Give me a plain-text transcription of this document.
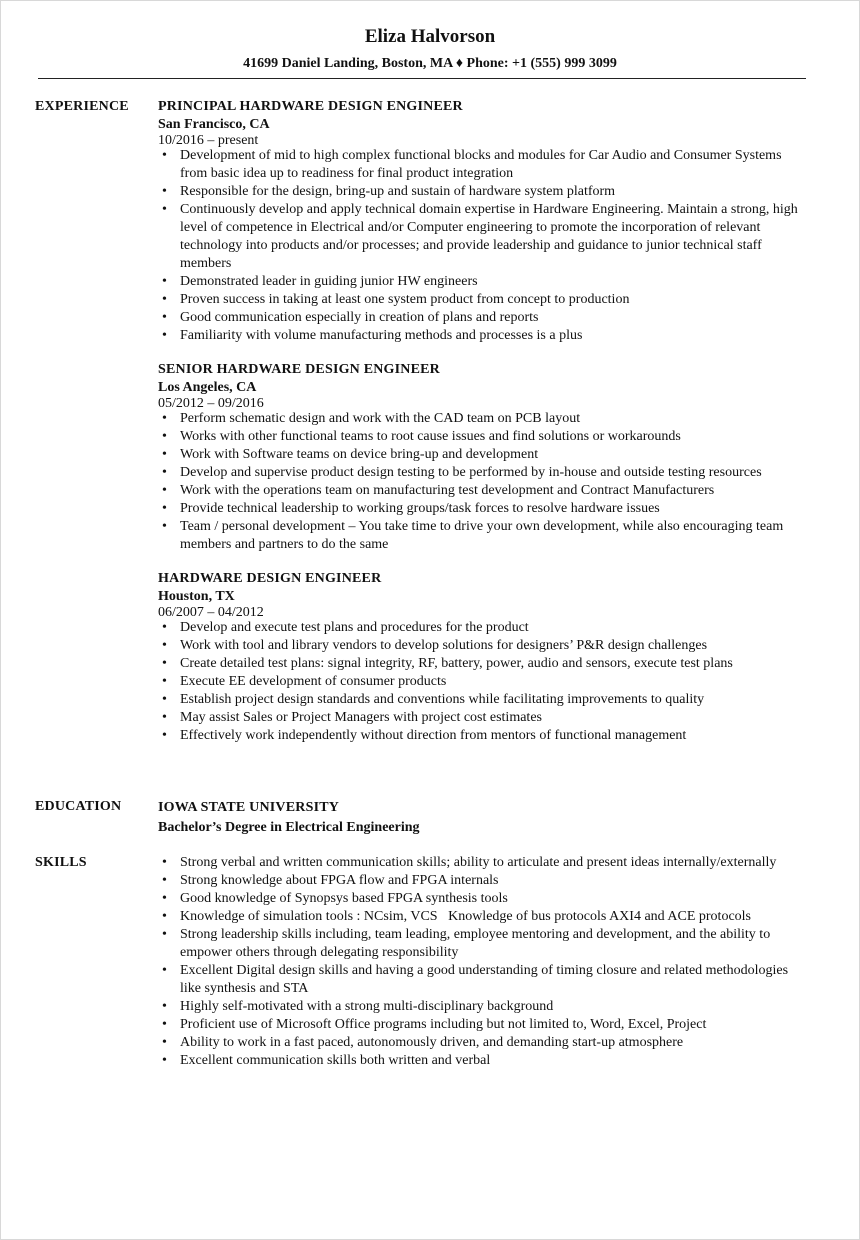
Eliza Halvorson
41699 Daniel Landing, Boston, MA ♦ Phone: +1 (555) 999 3099
EXPERIENCE PRINCIPAL HARDWARE DESIGN ENGINEER
San Francisco, CA
10/2016 – present
• Development of mid to high complex functional blocks and modules for Car Audio and Consumer Systems from basic idea up to readiness for final product integration
• Responsible for the design, bring-up and sustain of hardware system platform
• Continuously develop and apply technical domain expertise in Hardware Engineering. Maintain a strong, high level of competence in Electrical and/or Computer engineering to promote the incorporation of relevant technology into products and/or processes; and provide leadership and guidance to junior technical staff members
• Demonstrated leader in guiding junior HW engineers
• Proven success in taking at least one system product from concept to production
• Good communication especially in creation of plans and reports
• Familiarity with volume manufacturing methods and processes is a plus
SENIOR HARDWARE DESIGN ENGINEER
Los Angeles, CA
05/2012 – 09/2016
• Perform schematic design and work with the CAD team on PCB layout
• Works with other functional teams to root cause issues and find solutions or workarounds
• Work with Software teams on device bring-up and development
• Develop and supervise product design testing to be performed by in-house and outside testing resources
• Work with the operations team on manufacturing test development and Contract Manufacturers
• Provide technical leadership to working groups/task forces to resolve hardware issues
• Team / personal development – You take time to drive your own development, while also encouraging team members and partners to do the same
HARDWARE DESIGN ENGINEER
Houston, TX
06/2007 – 04/2012
• Develop and execute test plans and procedures for the product
• Work with tool and library vendors to develop solutions for designers’ P&R design challenges
• Create detailed test plans: signal integrity, RF, battery, power, audio and sensors, execute test plans
• Execute EE development of consumer products
• Establish project design standards and conventions while facilitating improvements to quality
• May assist Sales or Project Managers with project cost estimates
• Effectively work independently without direction from mentors of functional management
EDUCATION	IOWA STATE UNIVERSITY
Bachelor’s Degree in Electrical Engineering
SKILLS
•	Strong verbal and written communication skills; ability to articulate and present ideas internally/externally
• Strong knowledge about FPGA flow and FPGA internals
• Good knowledge of Synopsys based FPGA synthesis tools
• Knowledge of simulation tools : NCsim, VCS   Knowledge of bus protocols AXI4 and ACE protocols
• Strong leadership skills including, team leading, employee mentoring and development, and the ability to empower others through delegating responsibility
• Excellent Digital design skills and having a good understanding of timing closure and related methodologies like synthesis and STA
• Highly self-motivated with a strong multi-disciplinary background
• Proficient use of Microsoft Office programs including but not limited to, Word, Excel, Project
• Ability to work in a fast paced, autonomously driven, and demanding start-up atmosphere
• Excellent communication skills both written and verbal
